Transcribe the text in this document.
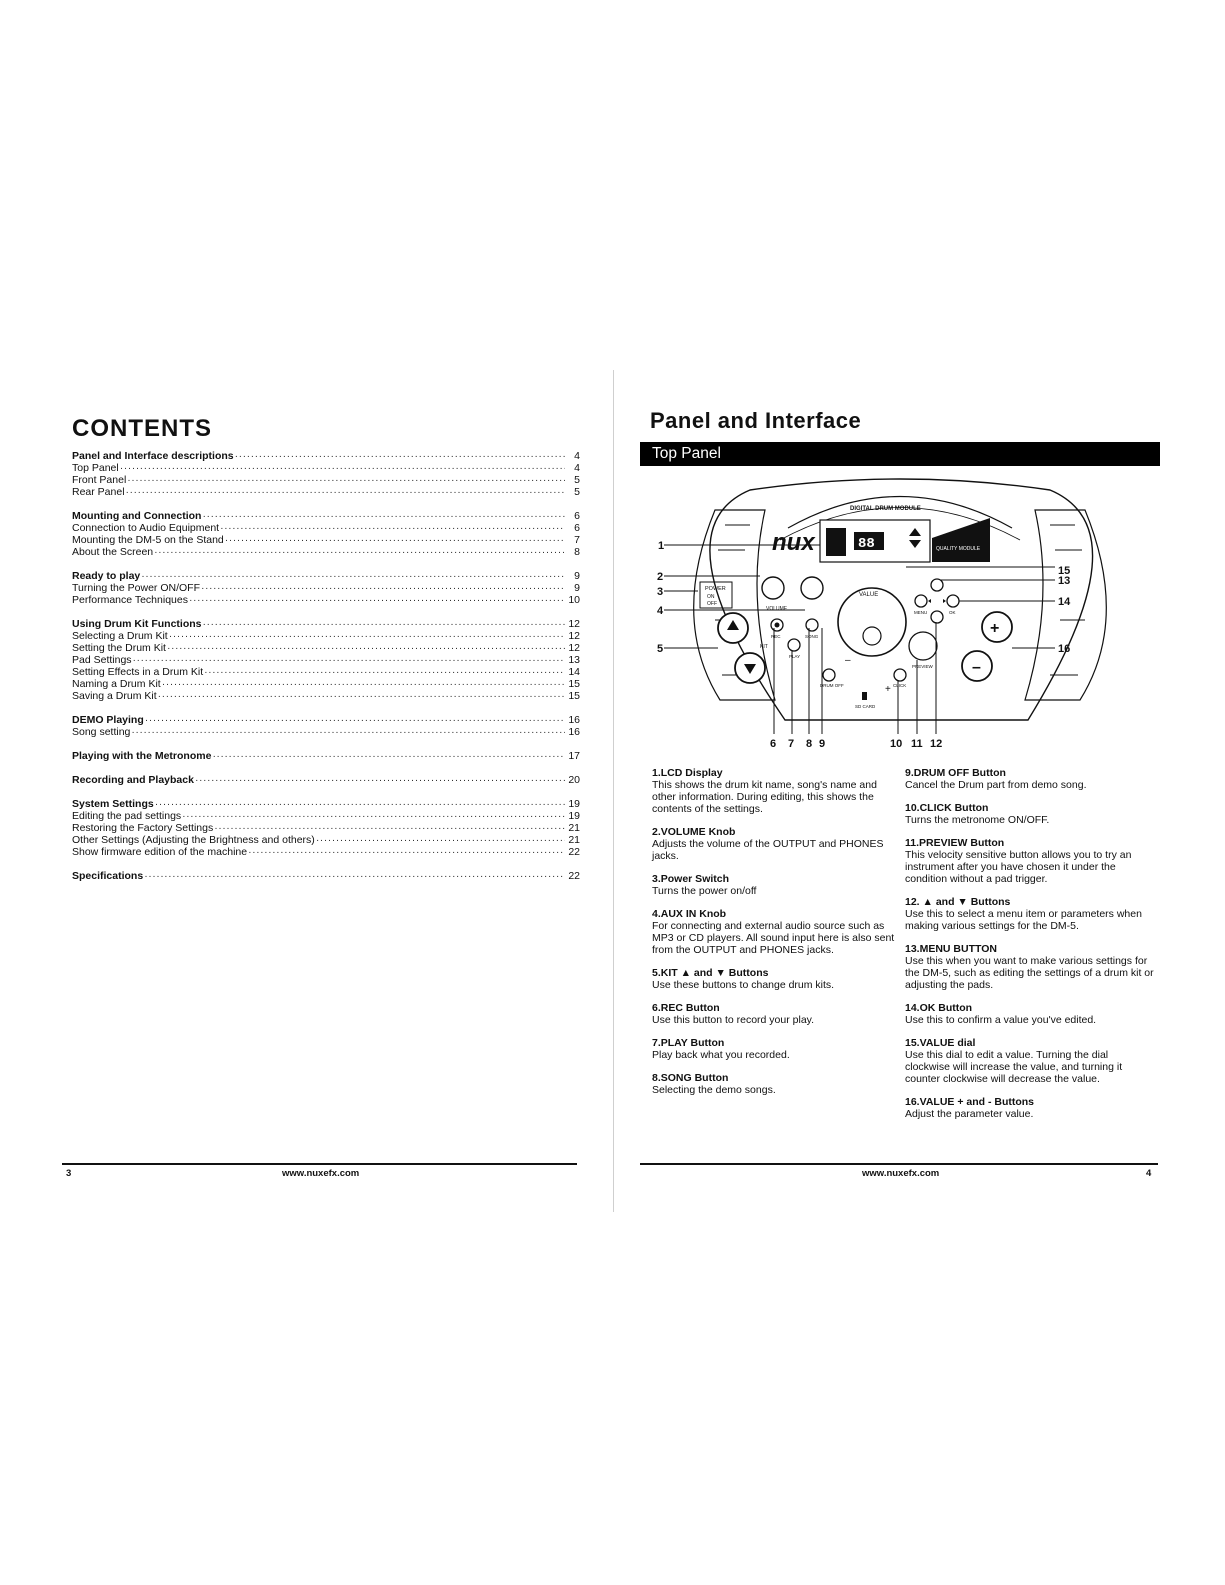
CONTENTS
Panel and Interface descriptions ·····	4
Top Panel ·····	4
Front Panel ·····	5
Rear Panel ·····	5
Mounting and Connection ·····	6
Connection to Audio Equipment ·····	6
Mounting the DM-5 on the Stand ·····	7
About the Screen ·····	8
Ready to play ·····	9
Turning the Power ON/OFF ·····	9
Performance Techniques ·····	10
Using Drum Kit Functions ·····	12
Selecting a Drum Kit ·····	12
Setting the Drum Kit ·····	12
Pad Settings ·····	13
Setting Effects in a Drum Kit ·····	14
Naming a Drum Kit ·····	15
Saving a Drum Kit ·····	15
DEMO Playing ·····	16
Song setting ·····	16
Playing with the Metronome ·····	17
Recording and Playback ·····	20
System Settings ·····	19
Editing the pad settings ·····	19
Restoring the Factory Settings ·····	21
Other Settings (Adjusting the Brightness and others) ·····	21
Show firmware edition of the machine ·····	22
Specifications ·····	22
3	www.nuxefx.com
Panel and Interface
Top Panel
88	QUALITY MODULE
nux
DIGITAL DRUM MODULE
POWER
ON
OFF
VOLUME
VALUE
–
+
KIT
REC
PLAY
SONG
DRUM OFF	CLICK
PREVIEW
SD CARD
MENU	OK
+
–
1
2
3
4
5
6 7 8 9	10 11 12
13
14
15
16
1.LCD Display
This shows the drum kit name, song's name and other information. During editing, this shows the contents of the settings.
2.VOLUME Knob
Adjusts the volume of the OUTPUT and PHONES jacks.
3.Power Switch
Turns the power on/off
4.AUX IN Knob
For connecting and external audio source such as MP3 or CD players. All sound input here is also sent from the OUTPUT and PHONES jacks.
5.KIT ▲ and ▼ Buttons
Use these buttons to change drum kits.
6.REC Button
Use this button to record your play.
7.PLAY Button
Play back what you recorded.
8.SONG Button
Selecting the demo songs.
9.DRUM OFF Button
Cancel the Drum part from demo song.
10.CLICK Button
Turns the metronome ON/OFF.
11.PREVIEW Button
This velocity sensitive button allows you to try an instrument after you have chosen it under the condition without a pad trigger.
12. ▲ and ▼ Buttons
Use this to select a menu item or parameters when making various settings for the DM-5.
13.MENU BUTTON
Use this when you want to make various settings for the DM-5, such as editing the settings of a drum kit or adjusting the pads.
14.OK Button
Use this to confirm a value you've edited.
15.VALUE dial
Use this dial to edit a value. Turning the dial clockwise will increase the value, and turning it counter clockwise will decrease the value.
16.VALUE + and - Buttons
Adjust the parameter value.
www.nuxefx.com	4
